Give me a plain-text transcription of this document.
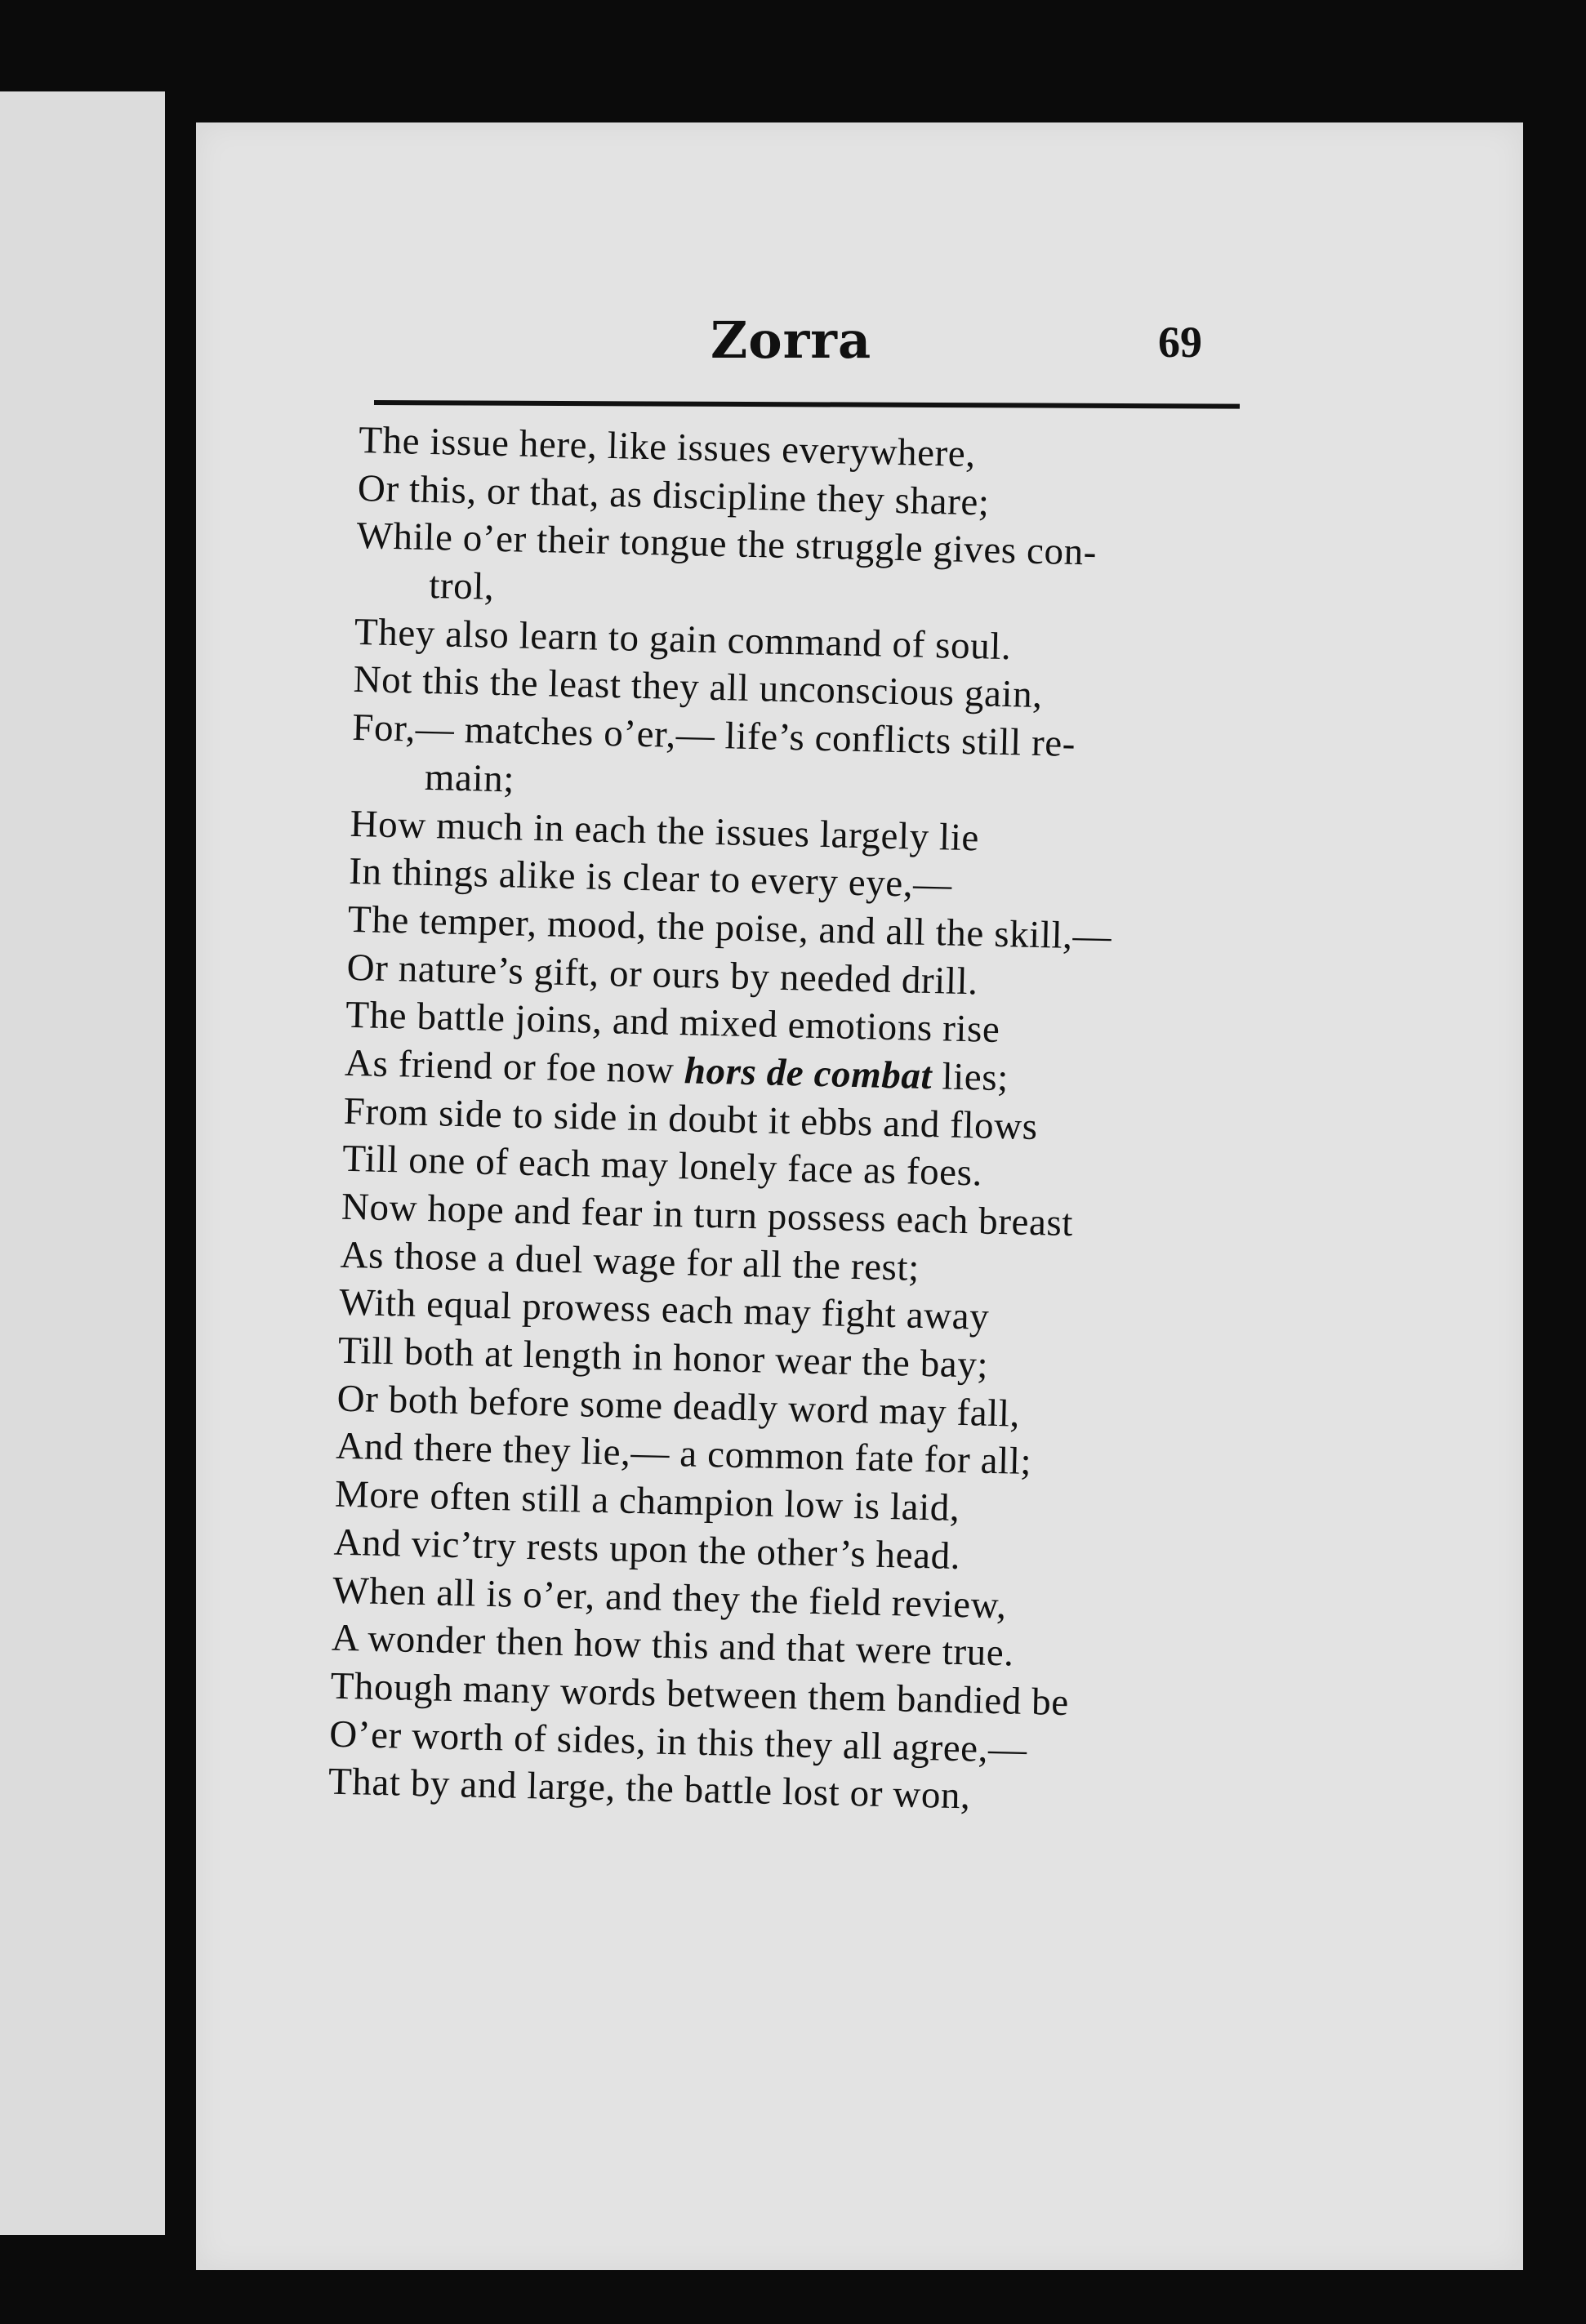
Zorra	69
The issue here, like issues everywhere,
Or this, or that, as discipline they share;
While o’er their tongue the struggle gives con-
trol,
They also learn to gain command of soul.
Not this the least they all unconscious gain,
For,— matches o’er,— life’s conflicts still re-
main;
How much in each the issues largely lie
In things alike is clear to every eye,—
The temper, mood, the poise, and all the skill,—
Or nature’s gift, or ours by needed drill.
The battle joins, and mixed emotions rise
As friend or foe now hors de combat lies;
From side to side in doubt it ebbs and flows
Till one of each may lonely face as foes.
Now hope and fear in turn possess each breast
As those a duel wage for all the rest;
With equal prowess each may fight away
Till both at length in honor wear the bay;
Or both before some deadly word may fall,
And there they lie,— a common fate for all;
More often still a champion low is laid,
And vic’try rests upon the other’s head.
When all is o’er, and they the field review,
A wonder then how this and that were true.
Though many words between them bandied be
O’er worth of sides, in this they all agree,—
That by and large, the battle lost or won,
